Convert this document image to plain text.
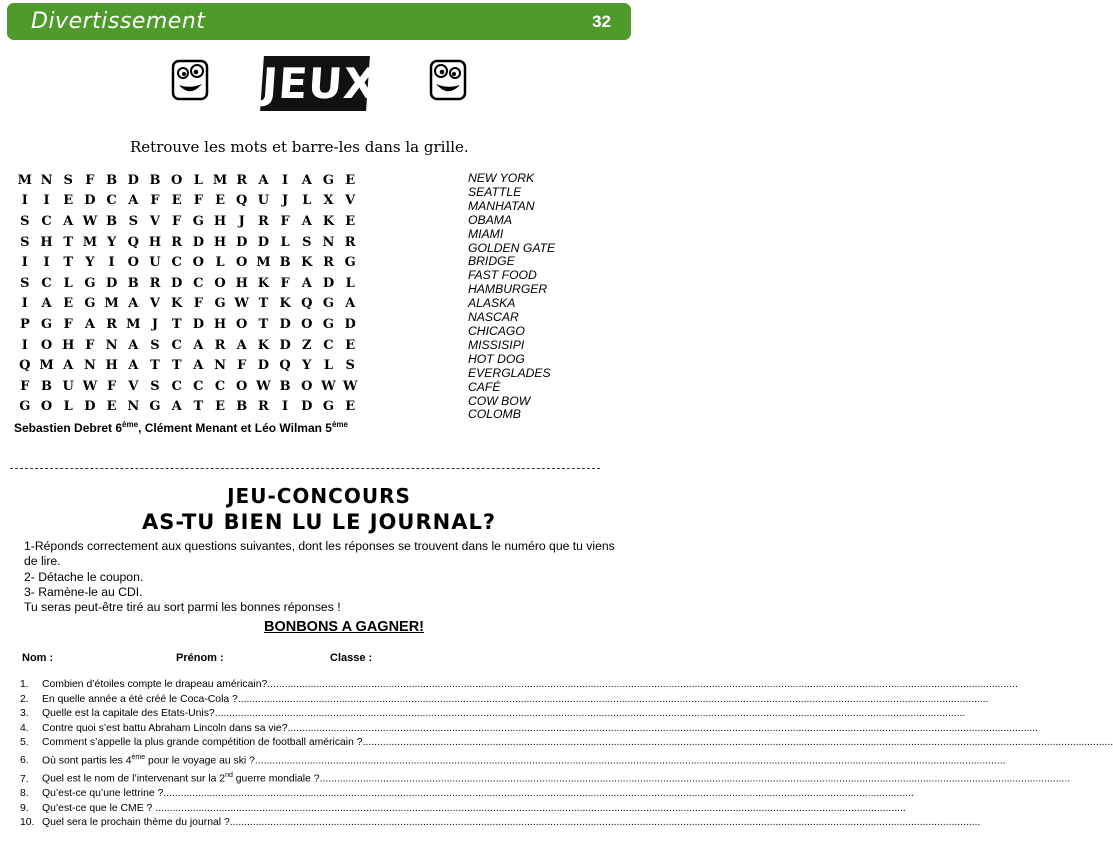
Divertissement	32
JEUX
Retrouve les mots et barre-les dans la grille.
M	N	S	F	B	D	B	O	L	M	R	A	I	A	G	E
I	I	E	D	C	A	F	E	F	E	Q	U	J	L	X	V
S	C	A	W	B	S	V	F	G	H	J	R	F	A	K	E
S	H	T	M	Y	Q	H	R	D	H	D	D	L	S	N	R
I	I	T	Y	I	O	U	C	O	L	O	M	B	K	R	G
S	C	L	G	D	B	R	D	C	O	H	K	F	A	D	L
I	A	E	G	M	A	V	K	F	G	W	T	K	Q	G	A
P	G	F	A	R	M	J	T	D	H	O	T	D	O	G	D
I	O	H	F	N	A	S	C	A	R	A	K	D	Z	C	E
Q	M	A	N	H	A	T	T	A	N	F	D	Q	Y	L	S
F	B	U	W	F	V	S	C	C	C	O	W	B	O	W	W
G	O	L	D	E	N	G	A	T	E	B	R	I	D	G	E
NEW YORK
SEATTLE
MANHATAN
OBAMA
MIAMI
GOLDEN GATE
BRIDGE
FAST FOOD
HAMBURGER
ALASKA
NASCAR
CHICAGO
MISSISIPI
HOT DOG
EVERGLADES
CAFÉ
COW BOW
COLOMB
Sebastien Debret 6ème, Clément Menant et Léo Wilman 5ème
JEU-CONCOURS
AS-TU BIEN LU LE JOURNAL?
1-Réponds correctement aux questions suivantes, dont les réponses se trouvent dans le numéro que tu viens de lire.
2- Détache le coupon.
3- Ramène-le au CDI.
Tu seras peut-être tiré au sort parmi les bonnes réponses !
BONBONS A GAGNER!
Nom :	Prénom :	Classe :
1. Combien d’étoiles compte le drapeau américain?....................................................................................................................................................................................................................................................................
2. En quelle année a été créé le Coca-Cola ?....................................................................................................................................................................................................................................................................
3. Quelle est la capitale des Etats-Unis?....................................................................................................................................................................................................................................................................
4. Contre quoi s’est battu Abraham Lincoln dans sa vie?....................................................................................................................................................................................................................................................................
5. Comment s’appelle la plus grande compétition de football américain ?....................................................................................................................................................................................................................................................................
6. Où sont partis les 4ème pour le voyage au ski ?....................................................................................................................................................................................................................................................................
7. Quel est le nom de l’intervenant sur la 2nd guerre mondiale ?....................................................................................................................................................................................................................................................................
8. Qu’est-ce qu’une lettrine ?....................................................................................................................................................................................................................................................................
9. Qu’est-ce que le CME ? ....................................................................................................................................................................................................................................................................
10. Quel sera le prochain thème du journal ?....................................................................................................................................................................................................................................................................
